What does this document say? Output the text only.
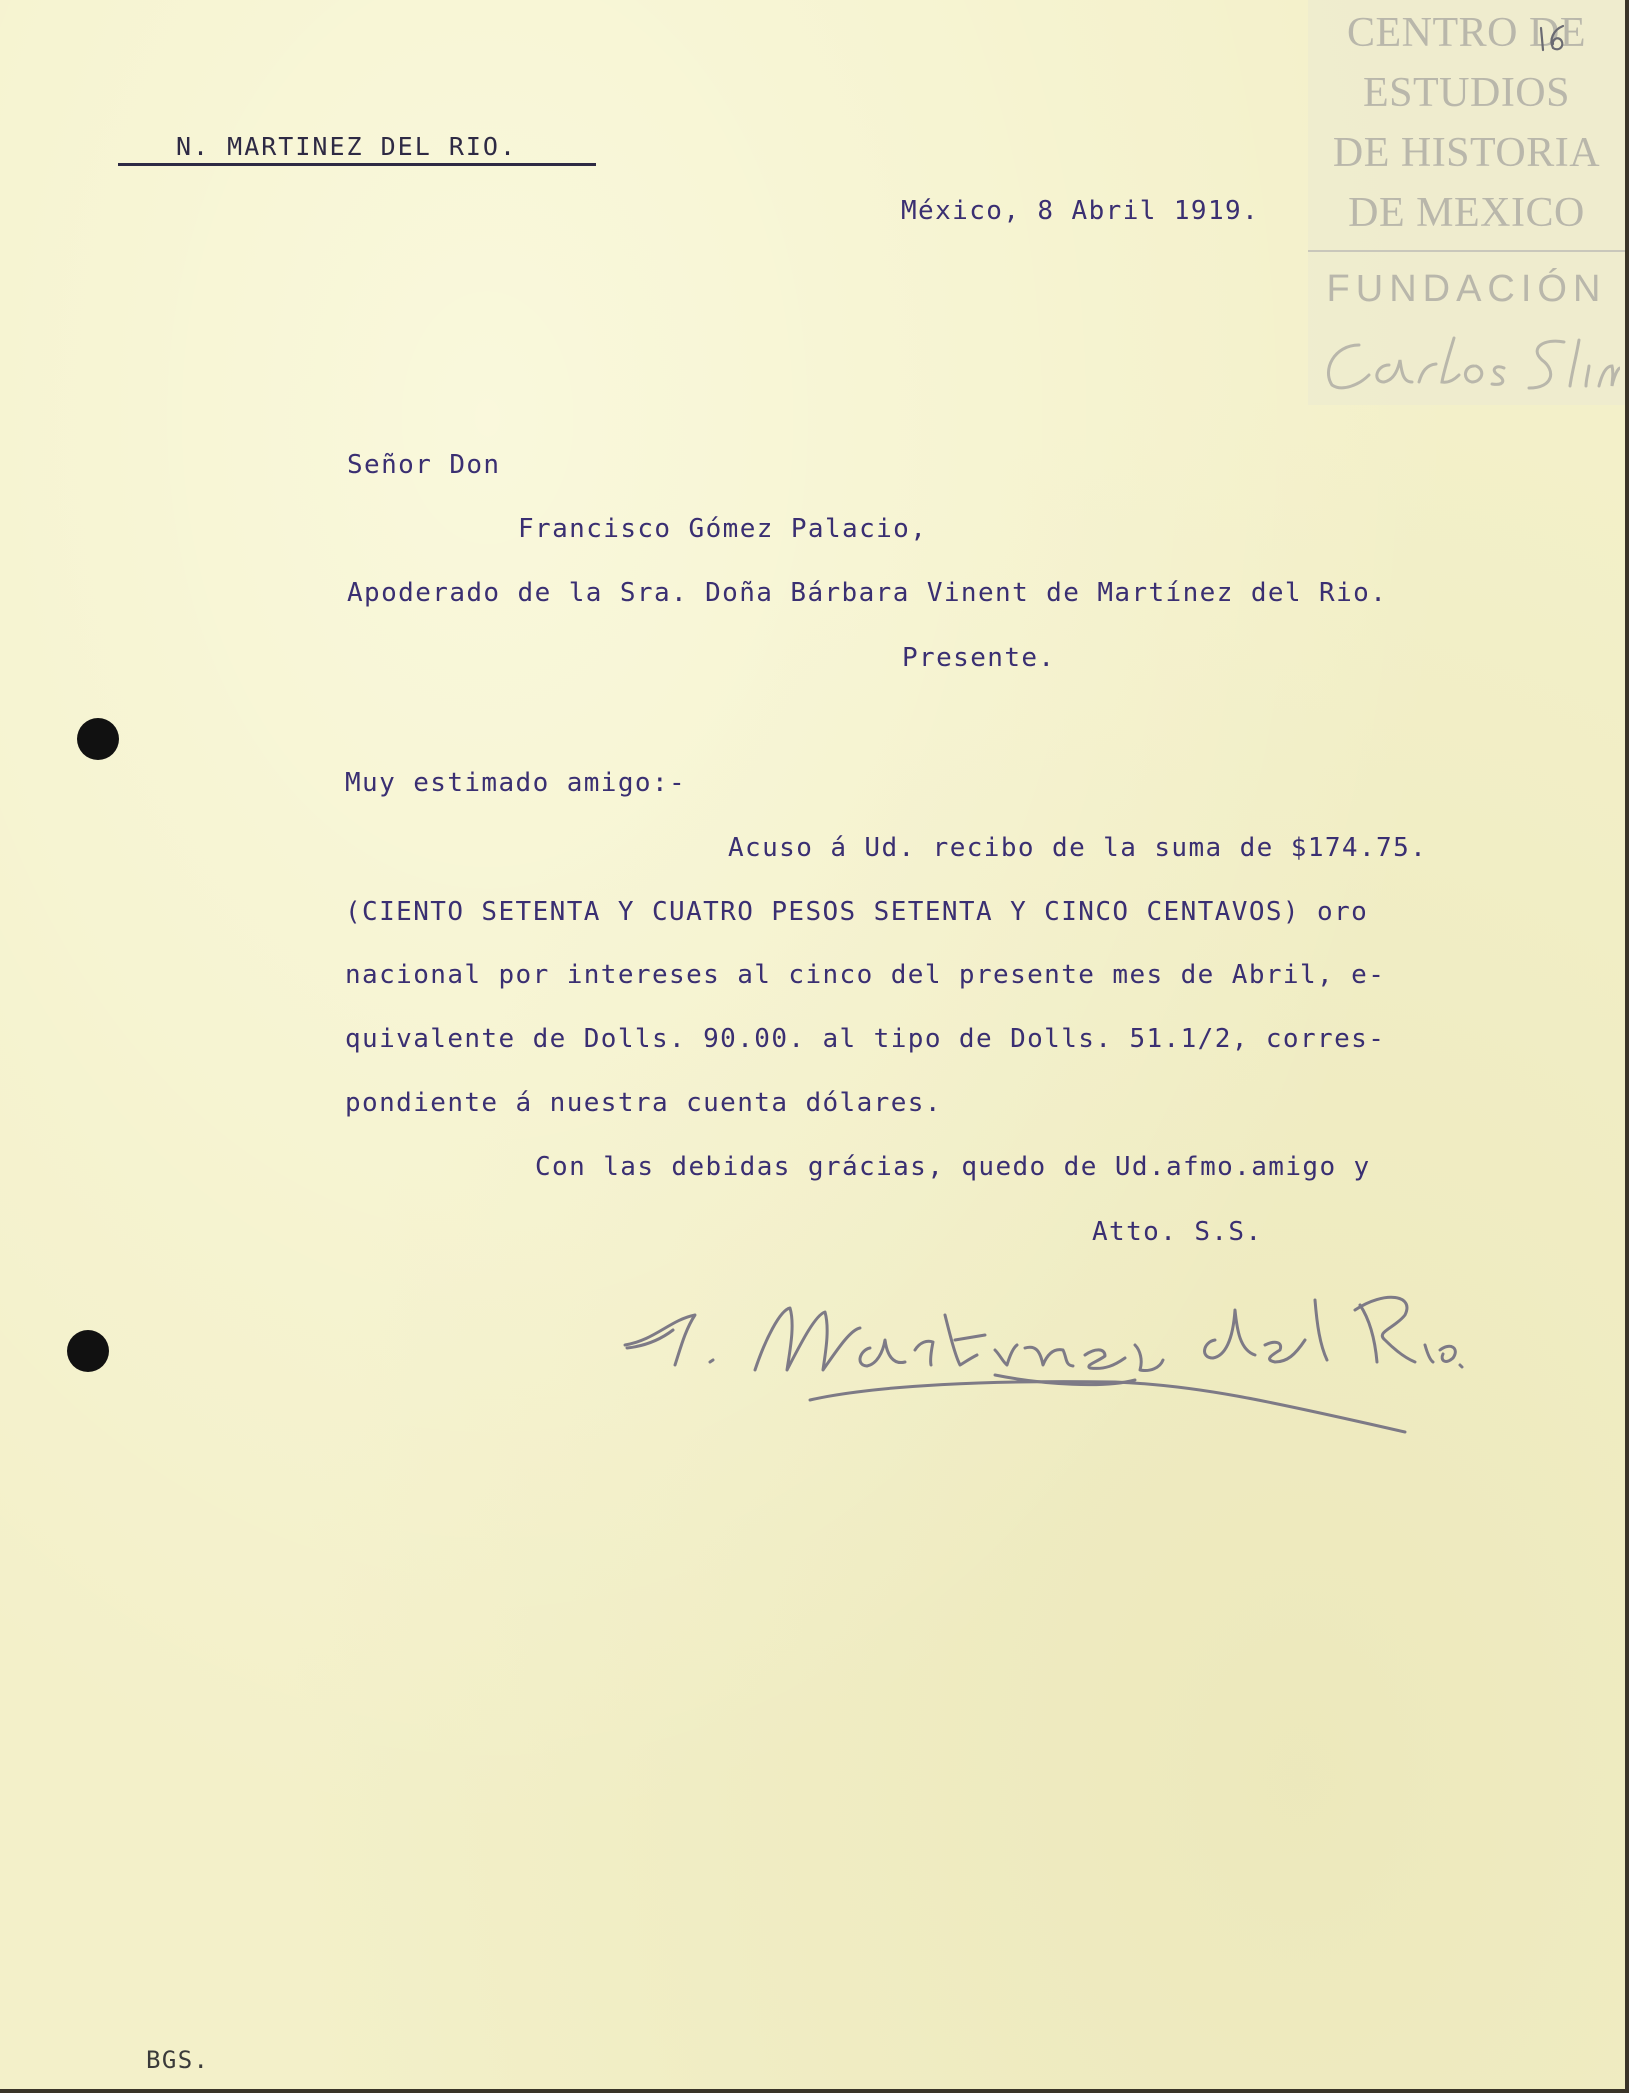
N. MARTINEZ DEL RIO.
México, 8 Abril 1919.
Señor Don
Francisco Gómez Palacio,
Apoderado de la Sra. Doña Bárbara Vinent de Martínez del Rio.
Presente.
Muy estimado amigo:-
Acuso á Ud. recibo de la suma de $174.75.
(CIENTO SETENTA Y CUATRO PESOS SETENTA Y CINCO CENTAVOS) oro
nacional por intereses al cinco del presente mes de Abril, e-
quivalente de Dolls. 90.00. al tipo de Dolls. 51.1/2, corres-
pondiente á nuestra cuenta dólares.
Con las debidas grácias, quedo de Ud.afmo.amigo y
Atto. S.S.
BGS.
CENTRO DE
ESTUDIOS
DE HISTORIA
DE MEXICO
FUNDACIÓN
